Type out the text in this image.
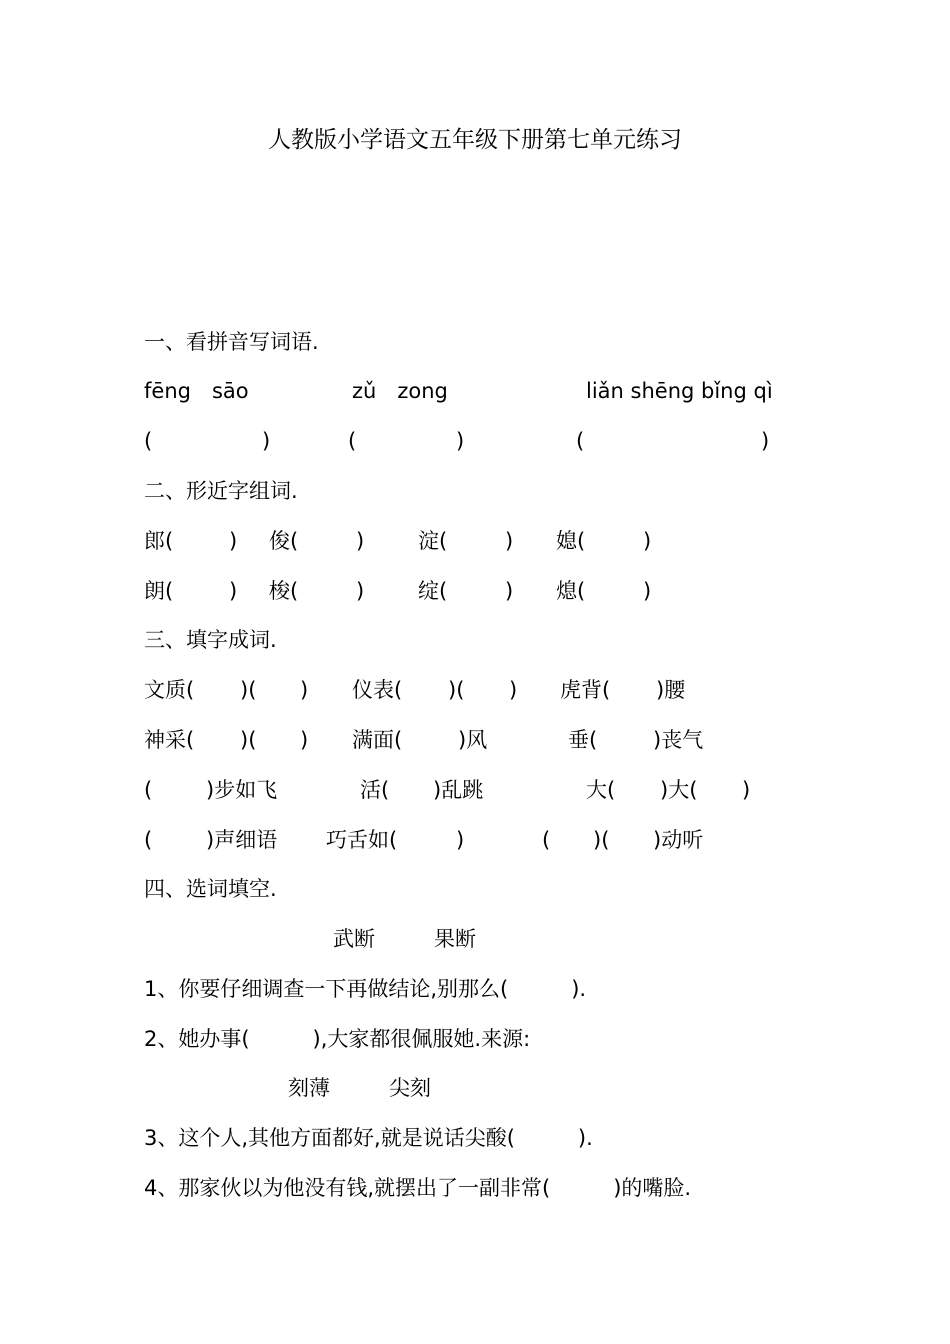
人教版小学语文五年级下册第七单元练习
一、看拼音写词语.
fēng　sāo	zǔ　zong	liǎn shēng bǐng qì
(	)	(	)	(	)
二、形近字组词.
郎(	) 俊(	)	淀(	) 媳(	)
朗(	) 梭(	)	绽(	) 熄(	)
三、填字成词.
文质( )( ) 仪表( )( ) 虎背( )腰
神采( )( ) 满面(	)风	垂(	)丧气
(	)步如飞	活( )乱跳	大( )大( )
(	)声细语 巧舌如(	)	( )( )动听
四、选词填空.
武断	果断
1、你要仔细调查一下再做结论,别那么(　　　).
2、她办事(　　　),大家都很佩服她.来源:
刻薄	尖刻
3、这个人,其他方面都好,就是说话尖酸(　　　).
4、那家伙以为他没有钱,就摆出了一副非常(　　　)的嘴脸.
